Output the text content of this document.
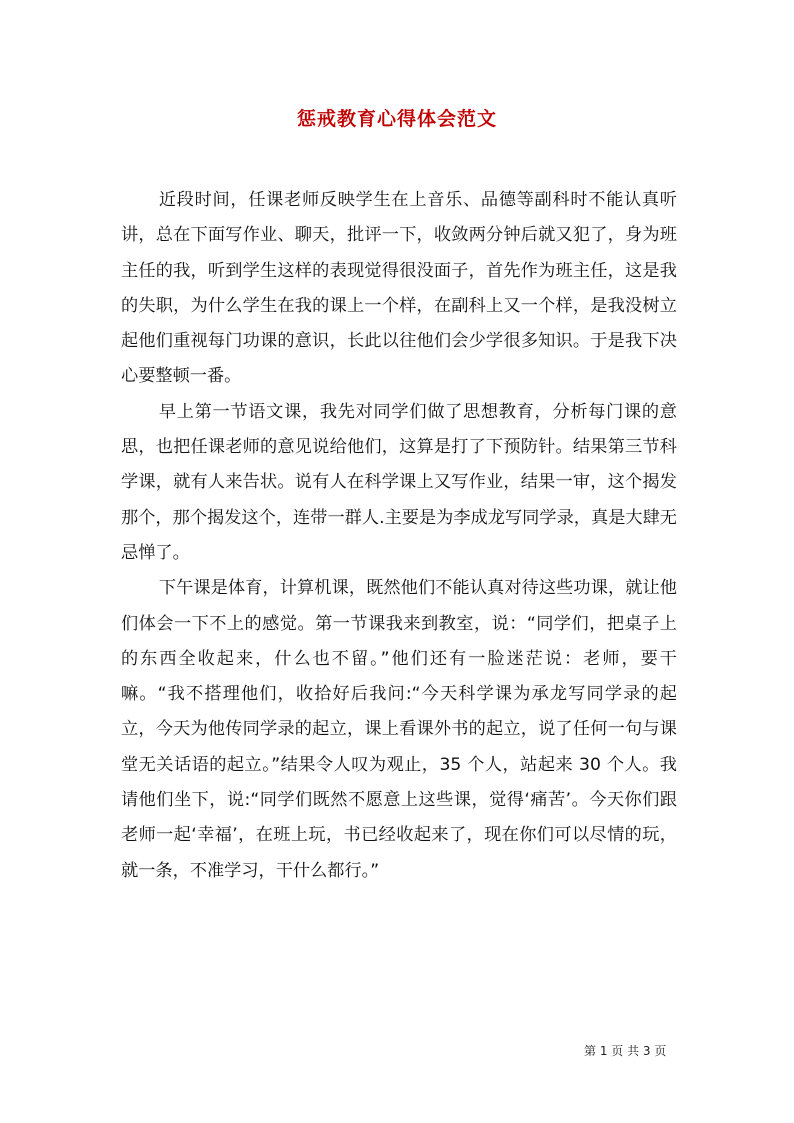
惩戒教育心得体会范文

近段时间，任课老师反映学生在上音乐、品德等副科时不能认真听讲，总在下面写作业、聊天，批评一下，收敛两分钟后就又犯了，身为班主任的我，听到学生这样的表现觉得很没面子，首先作为班主任，这是我的失职，为什么学生在我的课上一个样，在副科上又一个样，是我没树立起他们重视每门功课的意识，长此以往他们会少学很多知识。于是我下决心要整顿一番。

早上第一节语文课，我先对同学们做了思想教育，分析每门课的意思，也把任课老师的意见说给他们，这算是打了下预防针。结果第三节科学课，就有人来告状。说有人在科学课上又写作业，结果一审，这个揭发那个，那个揭发这个，连带一群人.主要是为李成龙写同学录，真是大肆无忌惮了。

下午课是体育，计算机课，既然他们不能认真对待这些功课，就让他们体会一下不上的感觉。第一节课我来到教室，说：“同学们，把桌子上的东西全收起来，什么也不留。”他们还有一脸迷茫说：老师，要干嘛。“我不搭理他们，收拾好后我问:“今天科学课为承龙写同学录的起立，今天为他传同学录的起立，课上看课外书的起立，说了任何一句与课堂无关话语的起立。”结果令人叹为观止，35 个人，站起来 30 个人。我请他们坐下，说:“同学们既然不愿意上这些课，觉得‘痛苦’。今天你们跟老师一起‘幸福’，在班上玩，书已经收起来了，现在你们可以尽情的玩，就一条，不准学习，干什么都行。”

第 1 页 共 3 页
